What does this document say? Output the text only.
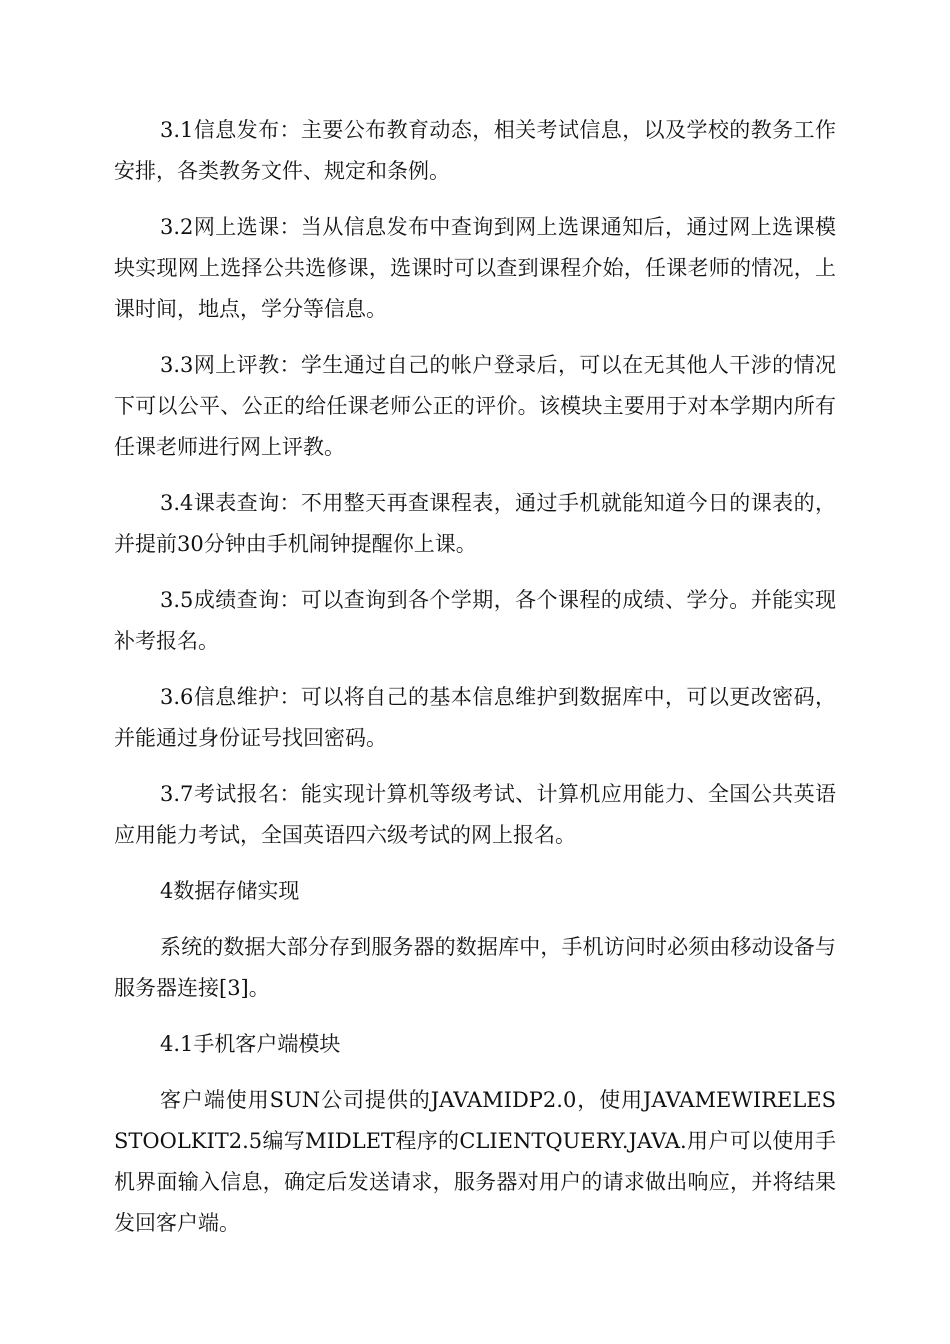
3.1信息发布：主要公布教育动态，相关考试信息，以及学校的教务工作安排，各类教务文件、规定和条例。

3.2网上选课：当从信息发布中查询到网上选课通知后，通过网上选课模块实现网上选择公共选修课，选课时可以查到课程介始，任课老师的情况，上课时间，地点，学分等信息。

3.3网上评教：学生通过自己的帐户登录后，可以在无其他人干涉的情况下可以公平、公正的给任课老师公正的评价。该模块主要用于对本学期内所有任课老师进行网上评教。

3.4课表查询：不用整天再查课程表，通过手机就能知道今日的课表的，并提前30分钟由手机闹钟提醒你上课。

3.5成绩查询：可以查询到各个学期，各个课程的成绩、学分。并能实现补考报名。

3.6信息维护：可以将自己的基本信息维护到数据库中，可以更改密码，并能通过身份证号找回密码。

3.7考试报名：能实现计算机等级考试、计算机应用能力、全国公共英语应用能力考试，全国英语四六级考试的网上报名。

4数据存储实现

系统的数据大部分存到服务器的数据库中，手机访问时必须由移动设备与服务器连接[3]。

4.1手机客户端模块

客户端使用SUN公司提供的JAVAMIDP2.0，使用JAVAMEWIRELESSTOOLKIT2.5编写MIDLET程序的CLIENTQUERY.JAVA.用户可以使用手机界面输入信息，确定后发送请求，服务器对用户的请求做出响应，并将结果发回客户端。
